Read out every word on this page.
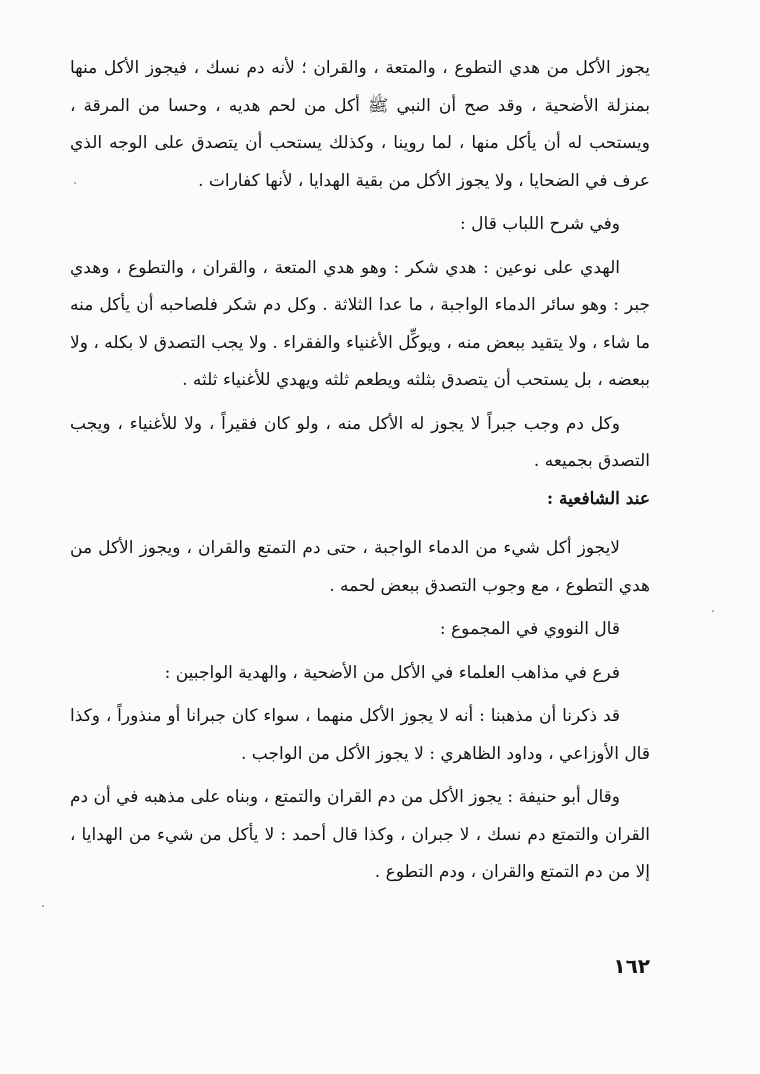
يجوز الأكل من هدي التطوع ، والمتعة ، والقران ؛ لأنه دم نسك ، فيجوز الأكل منها بمنزلة الأضحية ، وقد صح أن النبي ﷺ أكل من لحم هديه ، وحسا من المرقة ، ويستحب له أن يأكل منها ، لما روينا ، وكذلك يستحب أن يتصدق على الوجه الذي عرف في الضحايا ، ولا يجوز الأكل من بقية الهدايا ، لأنها كفارات .

وفي شرح اللباب قال :

الهدي على نوعين : هدي شكر : وهو هدي المتعة ، والقران ، والتطوع ، وهدي جبر : وهو سائر الدماء الواجبة ، ما عدا الثلاثة . وكل دم شكر فلصاحبه أن يأكل منه ما شاء ، ولا يتقيد ببعض منه ، ويوكِّل الأغنياء والفقراء . ولا يجب التصدق لا بكله ، ولا ببعضه ، بل يستحب أن يتصدق بثلثه ويطعم ثلثه ويهدي للأغنياء ثلثه .

وكل دم وجب جبراً لا يجوز له الأكل منه ، ولو كان فقيراً ، ولا للأغنياء ، ويجب التصدق بجميعه .

عند الشافعية :

لايجوز أكل شيء من الدماء الواجبة ، حتى دم التمتع والقران ، ويجوز الأكل من هدي التطوع ، مع وجوب التصدق ببعض لحمه .

قال النووي في المجموع :

فرع في مذاهب العلماء في الأكل من الأضحية ، والهدية الواجبين :

قد ذكرنا أن مذهبنا : أنه لا يجوز الأكل منهما ، سواء كان جبرانا أو منذوراً ، وكذا قال الأوزاعي ، وداود الظاهري : لا يجوز الأكل من الواجب .

وقال أبو حنيفة : يجوز الأكل من دم القران والتمتع ، وبناه على مذهبه في أن دم القران والتمتع دم نسك ، لا جبران ، وكذا قال أحمد : لا يأكل من شيء من الهدايا ، إلا من دم التمتع والقران ، ودم التطوع .

١٦٢
